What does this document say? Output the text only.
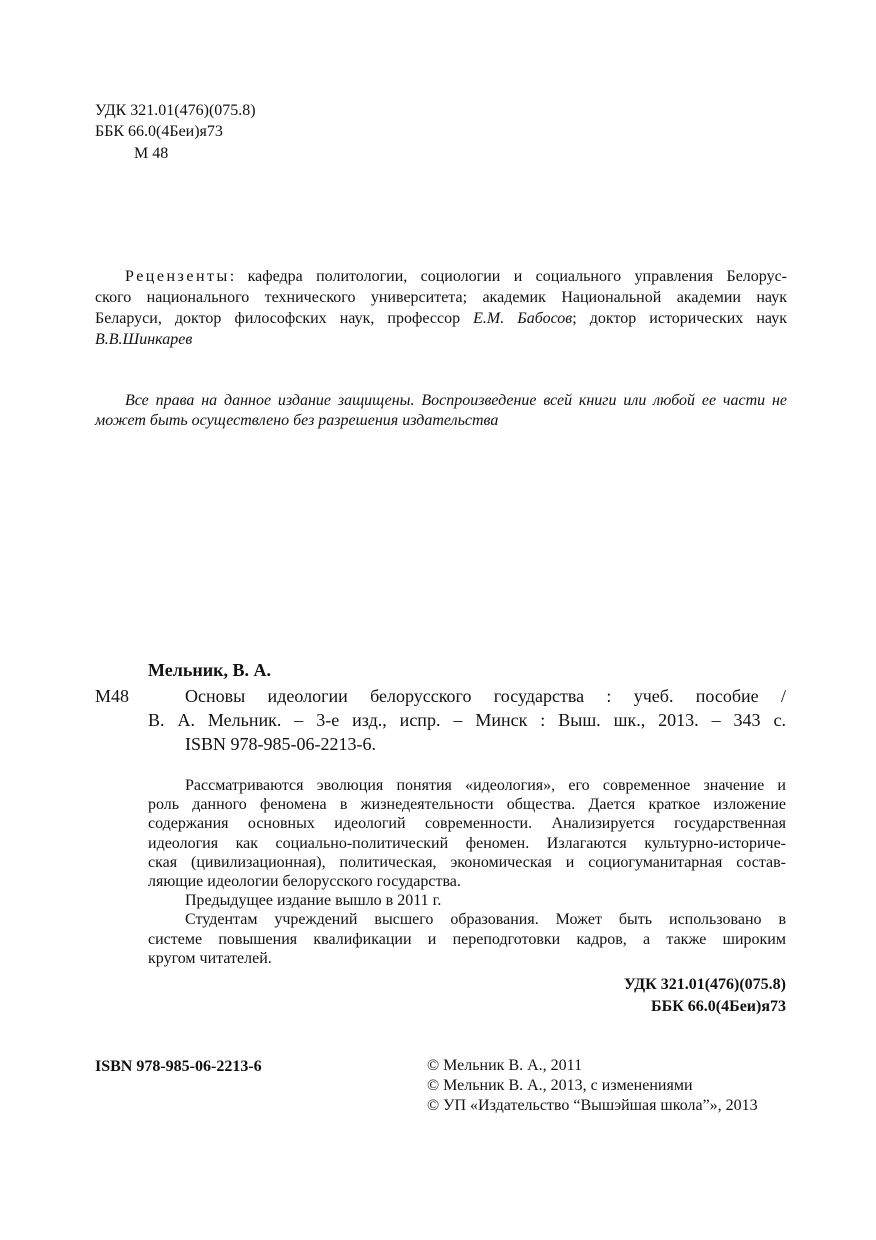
УДК 321.01(476)(075.8)
ББК 66.0(4Беи)я73
М 48
Рецензенты: кафедра политологии, социологии и социального управления Белорус-
ского национального технического университета; академик Национальной академии наук
Беларуси, доктор философских наук, профессор Е.М. Бабосов; доктор исторических наук
В.В.Шинкарев
Все права на данное издание защищены. Воспроизведение всей книги или любой ее части не
может быть осуществлено без разрешения издательства
Мельник, В. А.
М48	Основы идеологии белорусского государства : учеб. пособие /
В. А. Мельник. – 3-е изд., испр. – Минск : Выш. шк., 2013. – 343 с.
ISBN 978-985-06-2213-6.
Рассматриваются эволюция понятия «идеология», его современное значение и
роль данного феномена в жизнедеятельности общества. Дается краткое изложение
содержания основных идеологий современности. Анализируется государственная
идеология как социально-политический феномен. Излагаются культурно-историче-
ская (цивилизационная), политическая, экономическая и социогуманитарная состав-
ляющие идеологии белорусского государства.
Предыдущее издание вышло в 2011 г.
Студентам учреждений высшего образования. Может быть использовано в
системе повышения квалификации и переподготовки кадров, а также широким
кругом читателей.
УДК 321.01(476)(075.8)
ББК 66.0(4Беи)я73
ISBN 978-985-06-2213-6	© Мельник В. А., 2011
© Мельник В. А., 2013, с изменениями
© УП «Издательство “Вышэйшая школа”», 2013
